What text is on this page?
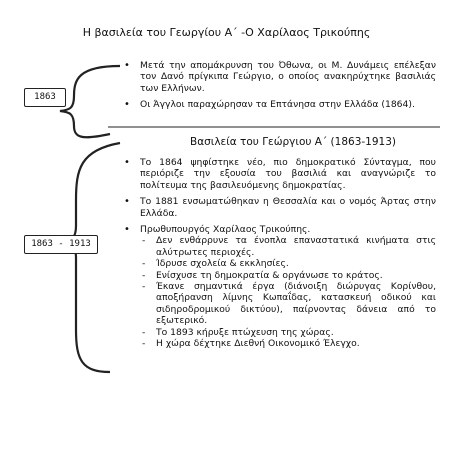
Η βασιλεία του Γεωργίου Α΄ -Ο Χαρίλαος Τρικούπης
1863
1863 - 1913
• Μετά την απομάκρυνση του Όθωνα, οι Μ. Δυνάμεις επέλεξαν τον Δανό πρίγκιπα Γεώργιο, ο οποίος ανακηρύχτηκε βασιλιάς των Ελλήνων.
• Οι Άγγλοι παραχώρησαν τα Επτάνησα στην Ελλάδα (1864).
Βασιλεία του Γεώργιου Α΄ (1863-1913)
• Το 1864 ψηφίστηκε νέο, πιο δημοκρατικό Σύνταγμα, που περιόριζε την εξουσία του βασιλιά και αναγνώριζε το πολίτευμα της βασιλευόμενης δημοκρατίας.
• Το 1881 ενσωματώθηκαν η Θεσσαλία και ο νομός Άρτας στην Ελλάδα.
• Πρωθυπουργός Χαρίλαος Τρικούπης.
- Δεν ενθάρρυνε τα ένοπλα επαναστατικά κινήματα στις αλύτρωτες περιοχές.
- Ίδρυσε σχολεία & εκκλησίες.
- Ενίσχυσε τη δημοκρατία & οργάνωσε το κράτος.
- Έκανε σημαντικά έργα (διάνοιξη διώρυγας Κορίνθου, αποξήρανση λίμνης Κωπαΐδας, κατασκευή οδικού και σιδηροδρομικού δικτύου), παίρνοντας δάνεια από το εξωτερικό.
- Το 1893 κήρυξε πτώχευση της χώρας.
- Η χώρα δέχτηκε Διεθνή Οικονομικό Έλεγχο.
